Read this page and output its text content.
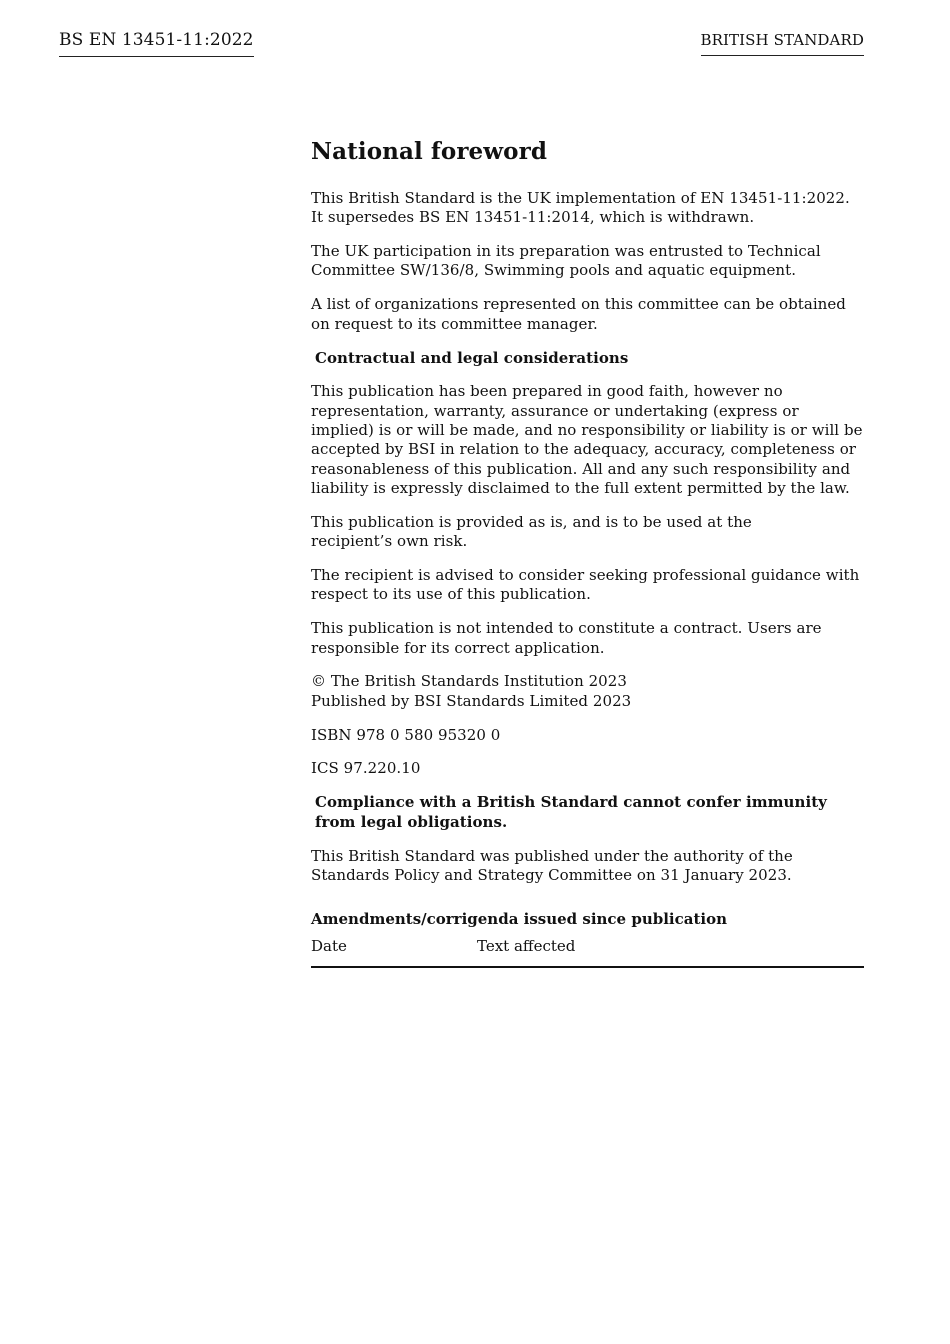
BS EN 13451-11:2022	BRITISH STANDARD
National foreword

This British Standard is the UK implementation of EN 13451-11:2022. It supersedes BS EN 13451-11:2014, which is withdrawn.

The UK participation in its preparation was entrusted to Technical Committee SW/136/8, Swimming pools and aquatic equipment.

A list of organizations represented on this committee can be obtained on request to its committee manager.

Contractual and legal considerations

This publication has been prepared in good faith, however no representation, warranty, assurance or undertaking (express or implied) is or will be made, and no responsibility or liability is or will be accepted by BSI in relation to the adequacy, accuracy, completeness or reasonableness of this publication. All and any such responsibility and liability is expressly disclaimed to the full extent permitted by the law.

This publication is provided as is, and is to be used at the
recipient’s own risk.

The recipient is advised to consider seeking professional guidance with respect to its use of this publication.

This publication is not intended to constitute a contract. Users are responsible for its correct application.

© The British Standards Institution 2023
Published by BSI Standards Limited 2023

ISBN 978 0 580 95320 0

ICS 97.220.10

Compliance with a British Standard cannot confer immunity from legal obligations.

This British Standard was published under the authority of the Standards Policy and Strategy Committee on 31 January 2023.

Amendments/corrigenda issued since publication
Date	Text affected
